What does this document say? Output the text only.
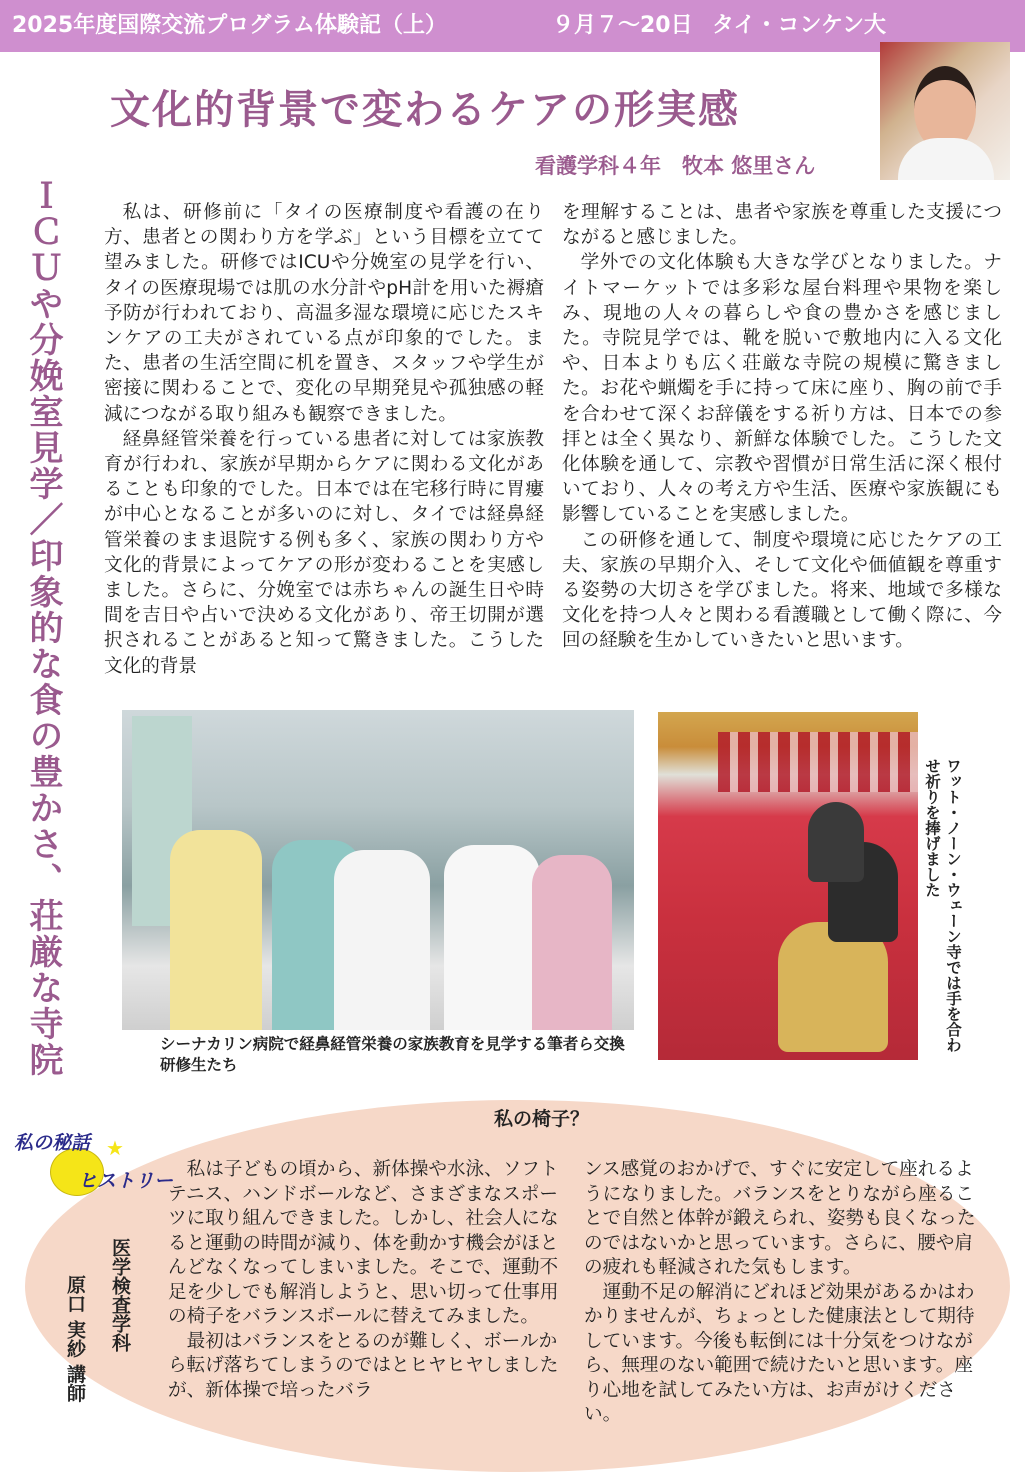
2025年度国際交流プログラム体験記（上）	９月７～20日 タイ・コンケン大
文化的背景で変わるケアの形実感
看護学科４年　牧本 悠里さん
ＩＣＵや分娩室見学／印象的な食の豊かさ、荘厳な寺院	私は、研修前に「タイの医療制度や看護の在り方、患者との関わり方を学ぶ」という目標を立てて望みました。研修ではICUや分娩室の見学を行い、タイの医療現場では肌の水分計やpH計を用いた褥瘡予防が行われており、高温多湿な環境に応じたスキンケアの工夫がされている点が印象的でした。また、患者の生活空間に机を置き、スタッフや学生が密接に関わることで、変化の早期発見や孤独感の軽減につながる取り組みも観察できました。

経鼻経管栄養を行っている患者に対しては家族教育が行われ、家族が早期からケアに関わる文化があることも印象的でした。日本では在宅移行時に胃瘻が中心となることが多いのに対し、タイでは経鼻経管栄養のまま退院する例も多く、家族の関わり方や文化的背景によってケアの形が変わることを実感しました。さらに、分娩室では赤ちゃんの誕生日や時間を吉日や占いで決める文化があり、帝王切開が選択されることがあると知って驚きました。こうした文化的背景

を理解することは、患者や家族を尊重した支援につながると感じました。

学外での文化体験も大きな学びとなりました。ナイトマーケットでは多彩な屋台料理や果物を楽しみ、現地の人々の暮らしや食の豊かさを感じました。寺院見学では、靴を脱いで敷地内に入る文化や、日本よりも広く荘厳な寺院の規模に驚きました。お花や蝋燭を手に持って床に座り、胸の前で手を合わせて深くお辞儀をする祈り方は、日本での参拝とは全く異なり、新鮮な体験でした。こうした文化体験を通して、宗教や習慣が日常生活に深く根付いており、人々の考え方や生活、医療や家族観にも影響していることを実感しました。

この研修を通して、制度や環境に応じたケアの工夫、家族の早期介入、そして文化や価値観を尊重する姿勢の大切さを学びました。将来、地域で多様な文化を持つ人々と関わる看護職として働く際に、今回の経験を生かしていきたいと思います。

シーナカリン病院で経鼻経管栄養の家族教育を見学する筆者ら交換研修生たち
ワット・ノーン・ウェーン寺では手を合わせ祈りを捧げました
私の椅子？
★
私の秘話
ヒストリー
医学検査学科
原口 実紗 講師

私は子どもの頃から、新体操や水泳、ソフトテニス、ハンドボールなど、さまざまなスポーツに取り組んできました。しかし、社会人になると運動の時間が減り、体を動かす機会がほとんどなくなってしまいました。そこで、運動不足を少しでも解消しようと、思い切って仕事用の椅子をバランスボールに替えてみました。

最初はバランスをとるのが難しく、ボールから転げ落ちてしまうのではとヒヤヒヤしましたが、新体操で培ったバラ

ンス感覚のおかげで、すぐに安定して座れるようになりました。バランスをとりながら座ることで自然と体幹が鍛えられ、姿勢も良くなったのではないかと思っています。さらに、腰や肩の疲れも軽減された気もします。

運動不足の解消にどれほど効果があるかはわかりませんが、ちょっとした健康法として期待しています。今後も転倒には十分気をつけながら、無理のない範囲で続けたいと思います。座り心地を試してみたい方は、お声がけください。
